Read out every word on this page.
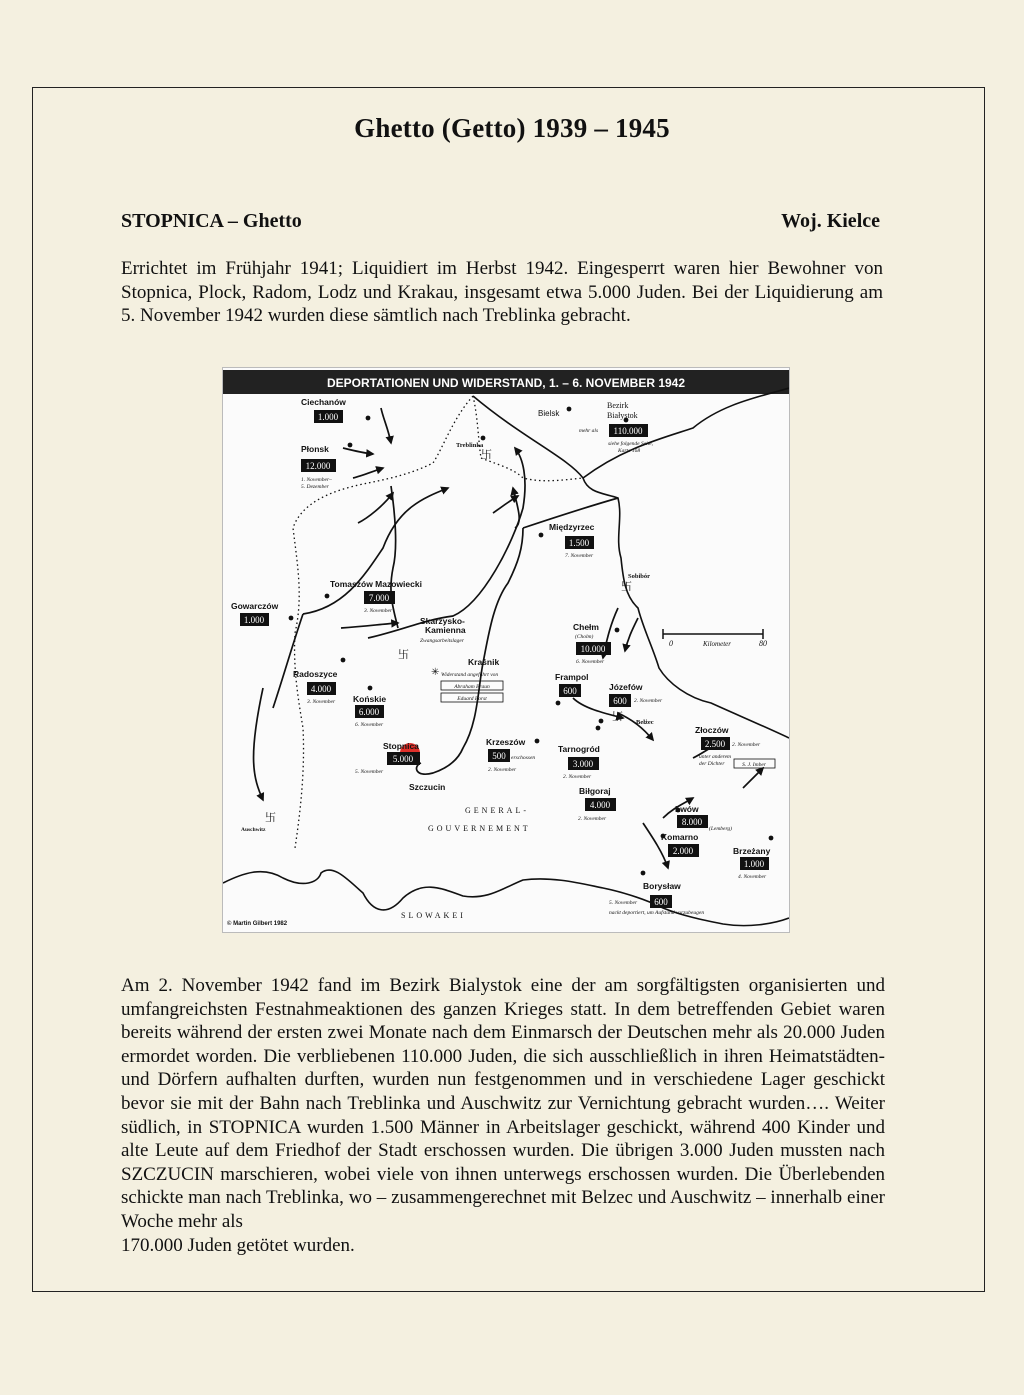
Ghetto (Getto) 1939 – 1945
STOPNICA – Ghetto	Woj. Kielce
Errichtet im Frühjahr 1941; Liquidiert im Herbst 1942. Eingesperrt waren hier Bewohner von Stopnica, Plock, Radom, Lodz und Krakau, insgesamt etwa 5.000 Juden. Bei der Liquidierung am 5. November 1942 wurden diese sämtlich nach Treblinka gebracht.
DEPORTATIONEN UND WIDERSTAND, 1. – 6. NOVEMBER 1942
0	Kilometer	80
卐
卐
卐
卐
卐
Ciechanów
Płonsk	Treblinka
Bielsk
Bezirk
Białystok
Międzyrzec
Sobibór
Tomaszów Mazowiecki
Gowarczów
Skarżysko-
Kamienna	Chełm
Kraśnik
Radoszyce
Końskie
Frampol
Józefów
Bełżec
Stopnica	Krzeszów
Tarnogród
Złoczów
Szczucin	Biłgoraj
Lwów
Komarno
Brzeżany
Borysław
Auschwitz
1.000
12.000
110.000
1.500
7.000
1.000
10.000
4.000
6.000
600
600
5.000	500
3.000
2.500
4.000
8.000
2.000
1.000
600
1. November–
5. Dezember
mehr als
siehe folgende Seite,
Karte 168
7. November
3. November
Zwangsarbeitslager
(Cholm)
6. November
Widerstand angeführt von
3. November
6. November
2. November
5. November
erschossen
2. November
2. November
2. November
unter anderem
der Dichter
2. November
(Lemberg)
4. November
5. November
nackt deportiert, um Aufstand vorzubeugen
✳
Abraham Braun
Eduard Forst
S. J. Imber
GENERAL-
GOUVERNEMENT
SLOWAKEI
© Martin Gilbert 1982
Am 2. November 1942 fand im Bezirk Bialystok eine der am sorgfältigsten organisierten und umfangreichsten Festnahmeaktionen des ganzen Krieges statt. In dem betreffenden Gebiet waren bereits während der ersten zwei Monate nach dem Einmarsch der Deutschen mehr als 20.000 Juden ermordet worden. Die verbliebenen 110.000 Juden, die sich ausschließlich in ihren Heimatstädten- und Dörfern aufhalten durften, wurden nun festgenommen und in verschiedene Lager geschickt bevor sie mit der Bahn nach Treblinka und Auschwitz zur Vernichtung gebracht wurden…. Weiter südlich, in STOPNICA wurden 1.500 Männer in Arbeitslager geschickt, während 400 Kinder und alte Leute auf dem Friedhof der Stadt erschossen wurden. Die übrigen 3.000 Juden mussten nach SZCZUCIN marschieren, wobei viele von ihnen unterwegs erschossen wurden. Die Überlebenden schickte man nach Treblinka, wo – zusammengerechnet mit Belzec und Auschwitz – innerhalb einer Woche mehr als
170.000 Juden getötet wurden.
